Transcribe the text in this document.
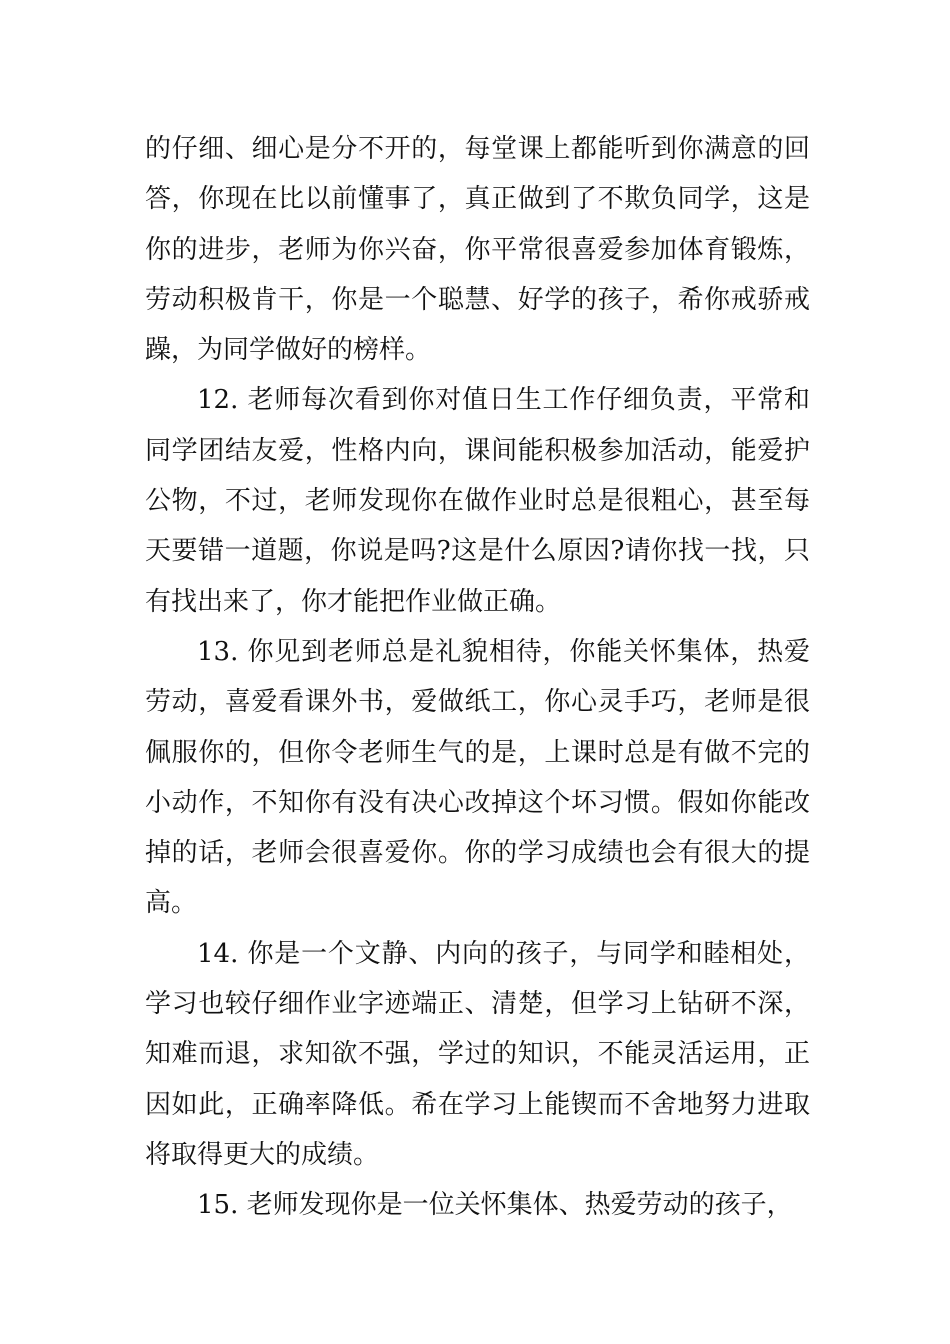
的仔细、细心是分不开的，每堂课上都能听到你满意的回答，你现在比以前懂事了，真正做到了不欺负同学，这是你的进步，老师为你兴奋，你平常很喜爱参加体育锻炼，劳动积极肯干，你是一个聪慧、好学的孩子，希你戒骄戒躁，为同学做好的榜样。

12. 老师每次看到你对值日生工作仔细负责，平常和同学团结友爱，性格内向，课间能积极参加活动，能爱护公物，不过，老师发现你在做作业时总是很粗心，甚至每天要错一道题，你说是吗?这是什么原因?请你找一找，只有找出来了，你才能把作业做正确。

13. 你见到老师总是礼貌相待，你能关怀集体，热爱劳动，喜爱看课外书，爱做纸工，你心灵手巧，老师是很佩服你的，但你令老师生气的是，上课时总是有做不完的小动作，不知你有没有决心改掉这个坏习惯。假如你能改掉的话，老师会很喜爱你。你的学习成绩也会有很大的提高。

14. 你是一个文静、内向的孩子，与同学和睦相处，学习也较仔细作业字迹端正、清楚，但学习上钻研不深，知难而退，求知欲不强，学过的知识，不能灵活运用，正因如此，正确率降低。希在学习上能锲而不舍地努力进取将取得更大的成绩。

15. 老师发现你是一位关怀集体、热爱劳动的孩子，
